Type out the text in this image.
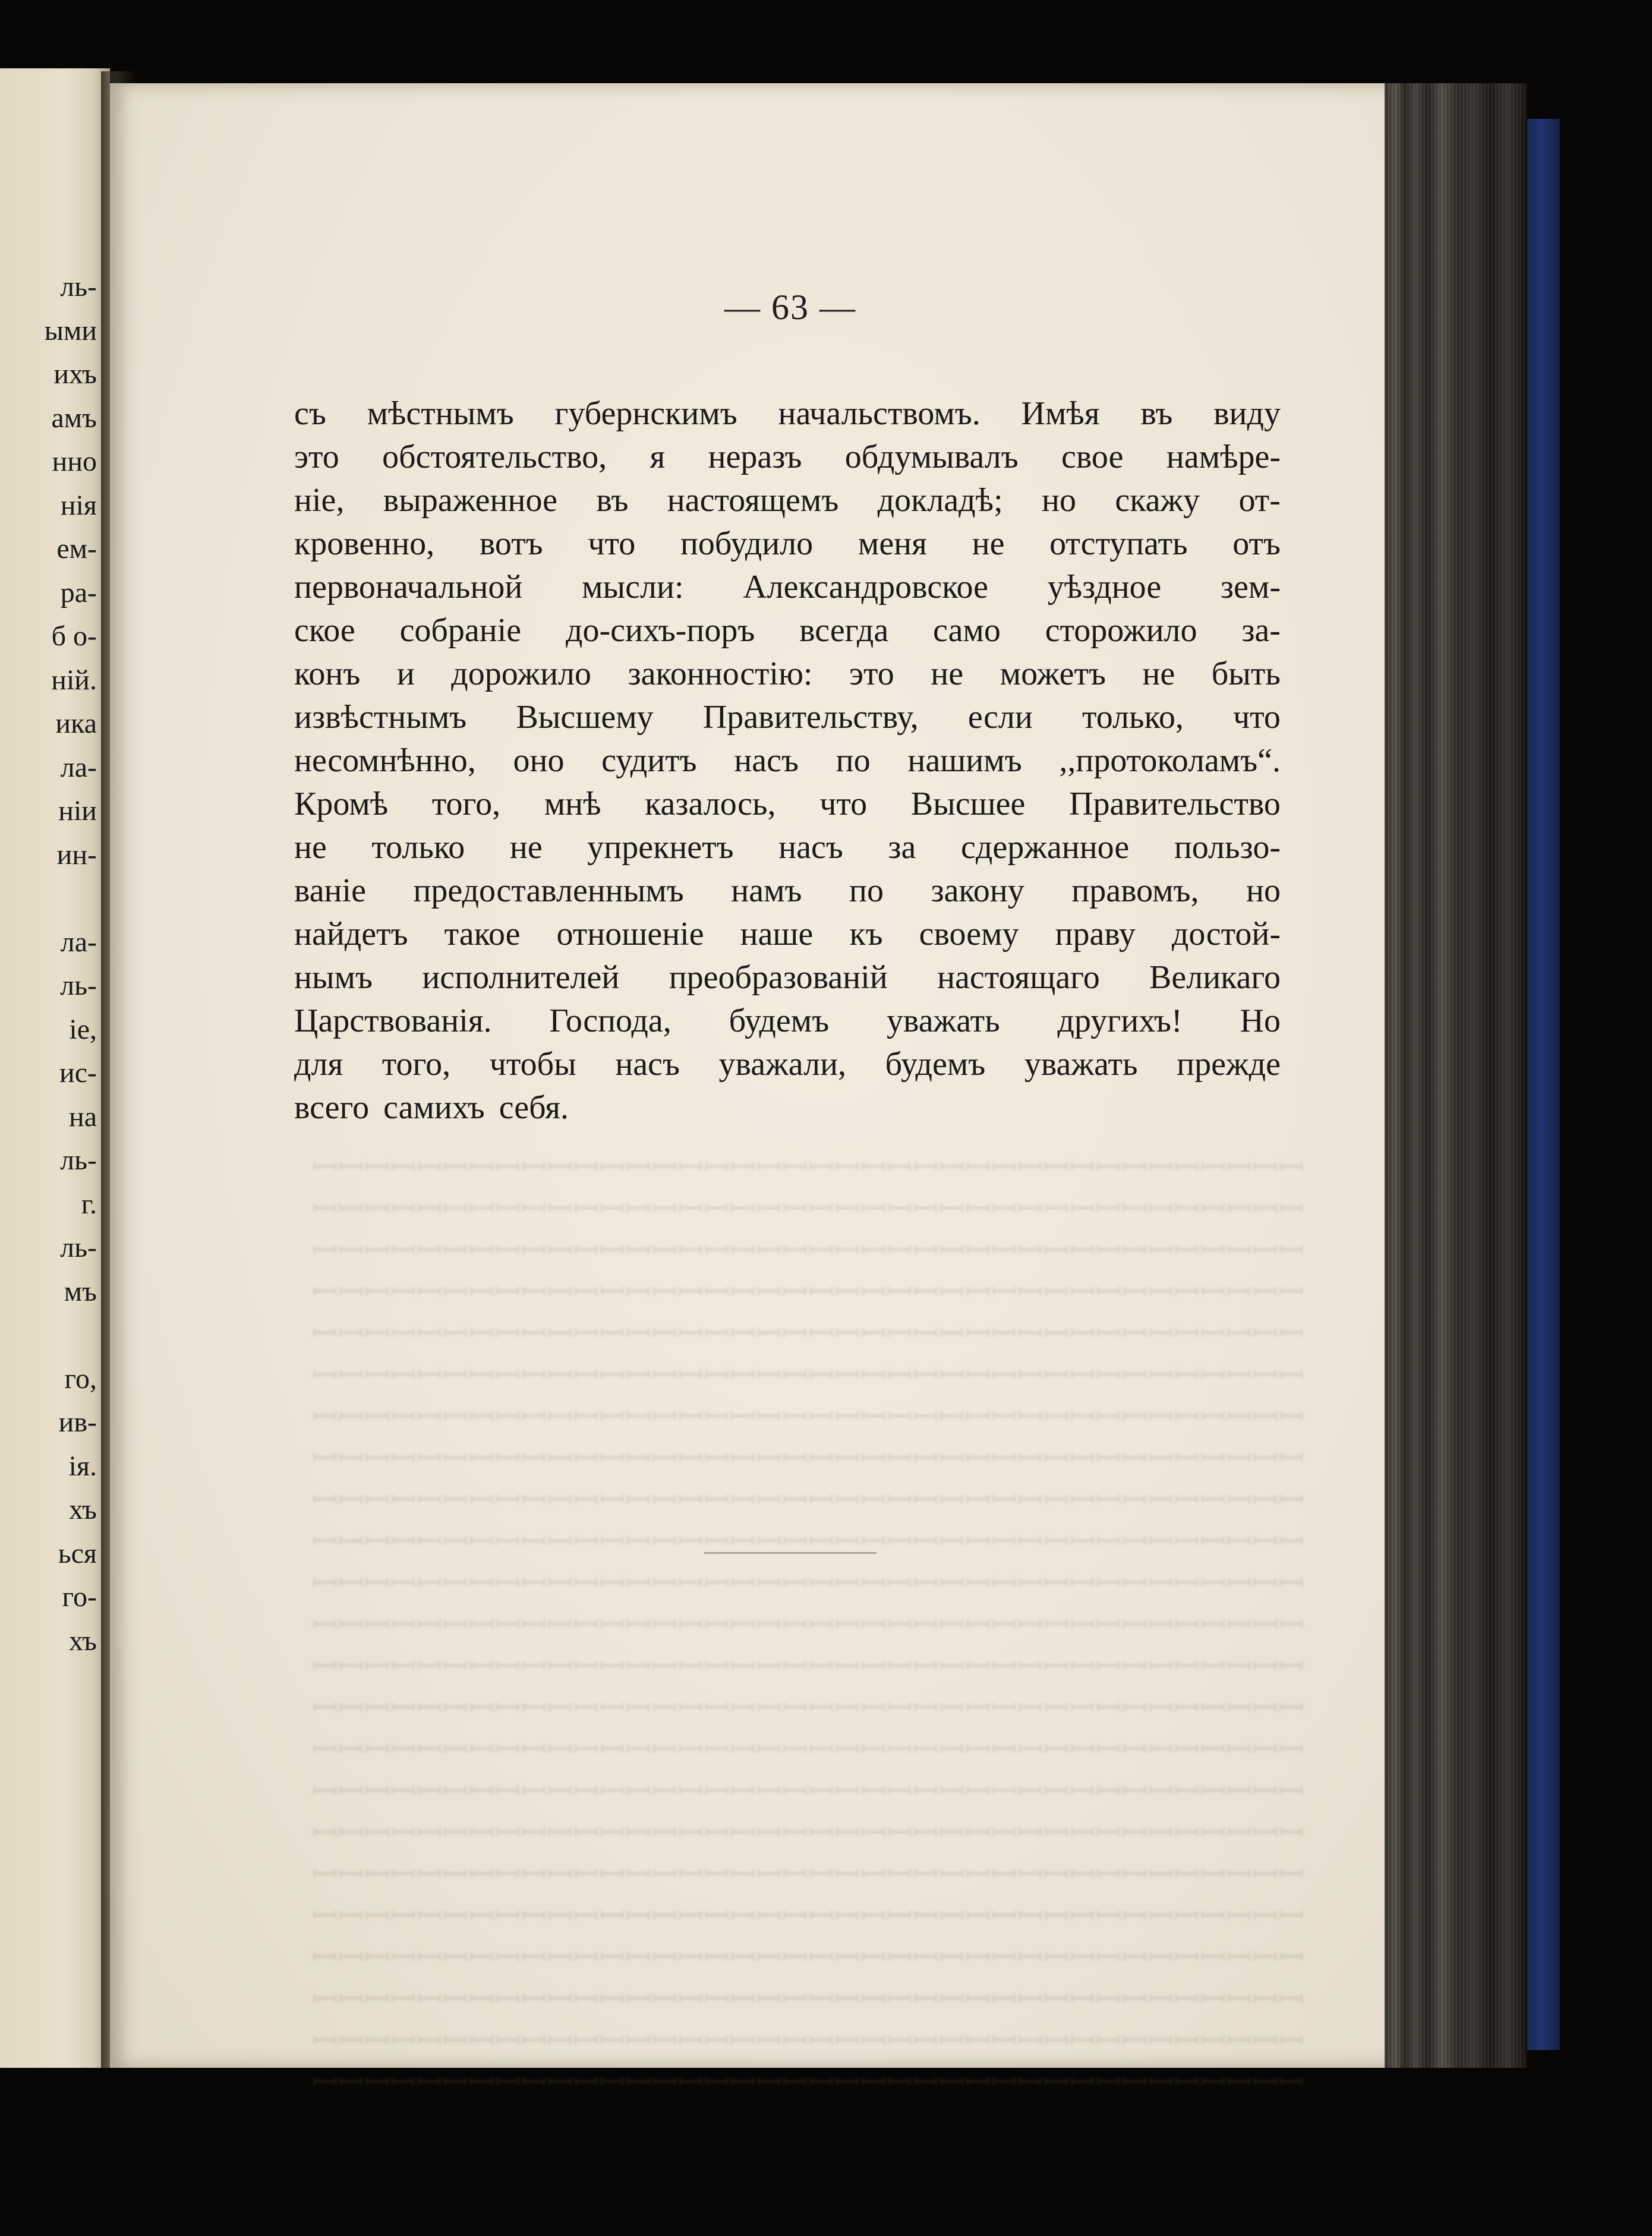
ль-
ыми
ихъ
амъ
нно
нія
ем-
ра-
б о-
ній.
ика
ла-
ніи
ин-
ла-
ль-
іе,
ис-
на
ль-
г.
ль-
мъ
го,
ив-
ія.
хъ
ься
го-
хъ
ꟷꟷꟷꟷꟷꟷꟷꟷꟷꟷꟷꟷꟷꟷꟷꟷꟷꟷꟷꟷꟷꟷꟷꟷꟷꟷꟷꟷꟷꟷꟷꟷꟷꟷꟷꟷꟷꟷ
ꟷꟷꟷꟷꟷꟷꟷꟷꟷꟷꟷꟷꟷꟷꟷꟷꟷꟷꟷꟷꟷꟷꟷꟷꟷꟷꟷꟷꟷꟷꟷꟷꟷꟷꟷꟷꟷꟷ
ꟷꟷꟷꟷꟷꟷꟷꟷꟷꟷꟷꟷꟷꟷꟷꟷꟷꟷꟷꟷꟷꟷꟷꟷꟷꟷꟷꟷꟷꟷꟷꟷꟷꟷꟷꟷꟷꟷ
ꟷꟷꟷꟷꟷꟷꟷꟷꟷꟷꟷꟷꟷꟷꟷꟷꟷꟷꟷꟷꟷꟷꟷꟷꟷꟷꟷꟷꟷꟷꟷꟷꟷꟷꟷꟷꟷꟷ
ꟷꟷꟷꟷꟷꟷꟷꟷꟷꟷꟷꟷꟷꟷꟷꟷꟷꟷꟷꟷꟷꟷꟷꟷꟷꟷꟷꟷꟷꟷꟷꟷꟷꟷꟷꟷꟷꟷ
ꟷꟷꟷꟷꟷꟷꟷꟷꟷꟷꟷꟷꟷꟷꟷꟷꟷꟷꟷꟷꟷꟷꟷꟷꟷꟷꟷꟷꟷꟷꟷꟷꟷꟷꟷꟷꟷꟷ
ꟷꟷꟷꟷꟷꟷꟷꟷꟷꟷꟷꟷꟷꟷꟷꟷꟷꟷꟷꟷꟷꟷꟷꟷꟷꟷꟷꟷꟷꟷꟷꟷꟷꟷꟷꟷꟷꟷ
ꟷꟷꟷꟷꟷꟷꟷꟷꟷꟷꟷꟷꟷꟷꟷꟷꟷꟷꟷꟷꟷꟷꟷꟷꟷꟷꟷꟷꟷꟷꟷꟷꟷꟷꟷꟷꟷꟷ
ꟷꟷꟷꟷꟷꟷꟷꟷꟷꟷꟷꟷꟷꟷꟷꟷꟷꟷꟷꟷꟷꟷꟷꟷꟷꟷꟷꟷꟷꟷꟷꟷꟷꟷꟷꟷꟷꟷ
ꟷꟷꟷꟷꟷꟷꟷꟷꟷꟷꟷꟷꟷꟷꟷꟷꟷꟷꟷꟷꟷꟷꟷꟷꟷꟷꟷꟷꟷꟷꟷꟷꟷꟷꟷꟷꟷꟷ
ꟷꟷꟷꟷꟷꟷꟷꟷꟷꟷꟷꟷꟷꟷꟷꟷꟷꟷꟷꟷꟷꟷꟷꟷꟷꟷꟷꟷꟷꟷꟷꟷꟷꟷꟷꟷꟷꟷ
ꟷꟷꟷꟷꟷꟷꟷꟷꟷꟷꟷꟷꟷꟷꟷꟷꟷꟷꟷꟷꟷꟷꟷꟷꟷꟷꟷꟷꟷꟷꟷꟷꟷꟷꟷꟷꟷꟷ
ꟷꟷꟷꟷꟷꟷꟷꟷꟷꟷꟷꟷꟷꟷꟷꟷꟷꟷꟷꟷꟷꟷꟷꟷꟷꟷꟷꟷꟷꟷꟷꟷꟷꟷꟷꟷꟷꟷ
ꟷꟷꟷꟷꟷꟷꟷꟷꟷꟷꟷꟷꟷꟷꟷꟷꟷꟷꟷꟷꟷꟷꟷꟷꟷꟷꟷꟷꟷꟷꟷꟷꟷꟷꟷꟷꟷꟷ
ꟷꟷꟷꟷꟷꟷꟷꟷꟷꟷꟷꟷꟷꟷꟷꟷꟷꟷꟷꟷꟷꟷꟷꟷꟷꟷꟷꟷꟷꟷꟷꟷꟷꟷꟷꟷꟷꟷ
ꟷꟷꟷꟷꟷꟷꟷꟷꟷꟷꟷꟷꟷꟷꟷꟷꟷꟷꟷꟷꟷꟷꟷꟷꟷꟷꟷꟷꟷꟷꟷꟷꟷꟷꟷꟷꟷꟷ
ꟷꟷꟷꟷꟷꟷꟷꟷꟷꟷꟷꟷꟷꟷꟷꟷꟷꟷꟷꟷꟷꟷꟷꟷꟷꟷꟷꟷꟷꟷꟷꟷꟷꟷꟷꟷꟷꟷ
ꟷꟷꟷꟷꟷꟷꟷꟷꟷꟷꟷꟷꟷꟷꟷꟷꟷꟷꟷꟷꟷꟷꟷꟷꟷꟷꟷꟷꟷꟷꟷꟷꟷꟷꟷꟷꟷꟷ
ꟷꟷꟷꟷꟷꟷꟷꟷꟷꟷꟷꟷꟷꟷꟷꟷꟷꟷꟷꟷꟷꟷꟷꟷꟷꟷꟷꟷꟷꟷꟷꟷꟷꟷꟷꟷꟷꟷ
ꟷꟷꟷꟷꟷꟷꟷꟷꟷꟷꟷꟷꟷꟷꟷꟷꟷꟷꟷꟷꟷꟷꟷꟷꟷꟷꟷꟷꟷꟷꟷꟷꟷꟷꟷꟷꟷꟷ
ꟷꟷꟷꟷꟷꟷꟷꟷꟷꟷꟷꟷꟷꟷꟷꟷꟷꟷꟷꟷꟷꟷꟷꟷꟷꟷꟷꟷꟷꟷꟷꟷꟷꟷꟷꟷꟷꟷ
ꟷꟷꟷꟷꟷꟷꟷꟷꟷꟷꟷꟷꟷꟷꟷꟷꟷꟷꟷꟷꟷꟷꟷꟷꟷꟷꟷꟷꟷꟷꟷꟷꟷꟷꟷꟷꟷꟷ
ꟷꟷꟷꟷꟷꟷꟷꟷꟷꟷꟷꟷꟷꟷꟷꟷꟷꟷꟷꟷꟷꟷꟷꟷꟷꟷꟷꟷꟷꟷꟷꟷꟷꟷꟷꟷꟷꟷ
— 63 —
съ мѣстнымъ губернскимъ начальствомъ. Имѣя въ виду
это обстоятельство, я неразъ обдумывалъ свое намѣре-
ніе, выраженное въ настоящемъ докладѣ; но скажу от-
кровенно, вотъ что побудило меня не отступать отъ
первоначальной мысли: Александровское уѣздное зем-
ское собраніе до-сихъ-поръ всегда само сторожило за-
конъ и дорожило законностію: это не можетъ не быть
извѣстнымъ Высшему Правительству, если только, что
несомнѣнно, оно судитъ насъ по нашимъ ,,протоколамъ“.
Кромѣ того, мнѣ казалось, что Высшее Правительство
не только не упрекнетъ насъ за сдержанное пользо-
ваніе предоставленнымъ намъ по закону правомъ, но
найдетъ такое отношеніе наше къ своему праву достой-
нымъ исполнителей преобразованій настоящаго Великаго
Царствованія. Господа, будемъ уважать другихъ! Но
для того, чтобы насъ уважали, будемъ уважать прежде
всего самихъ себя.
